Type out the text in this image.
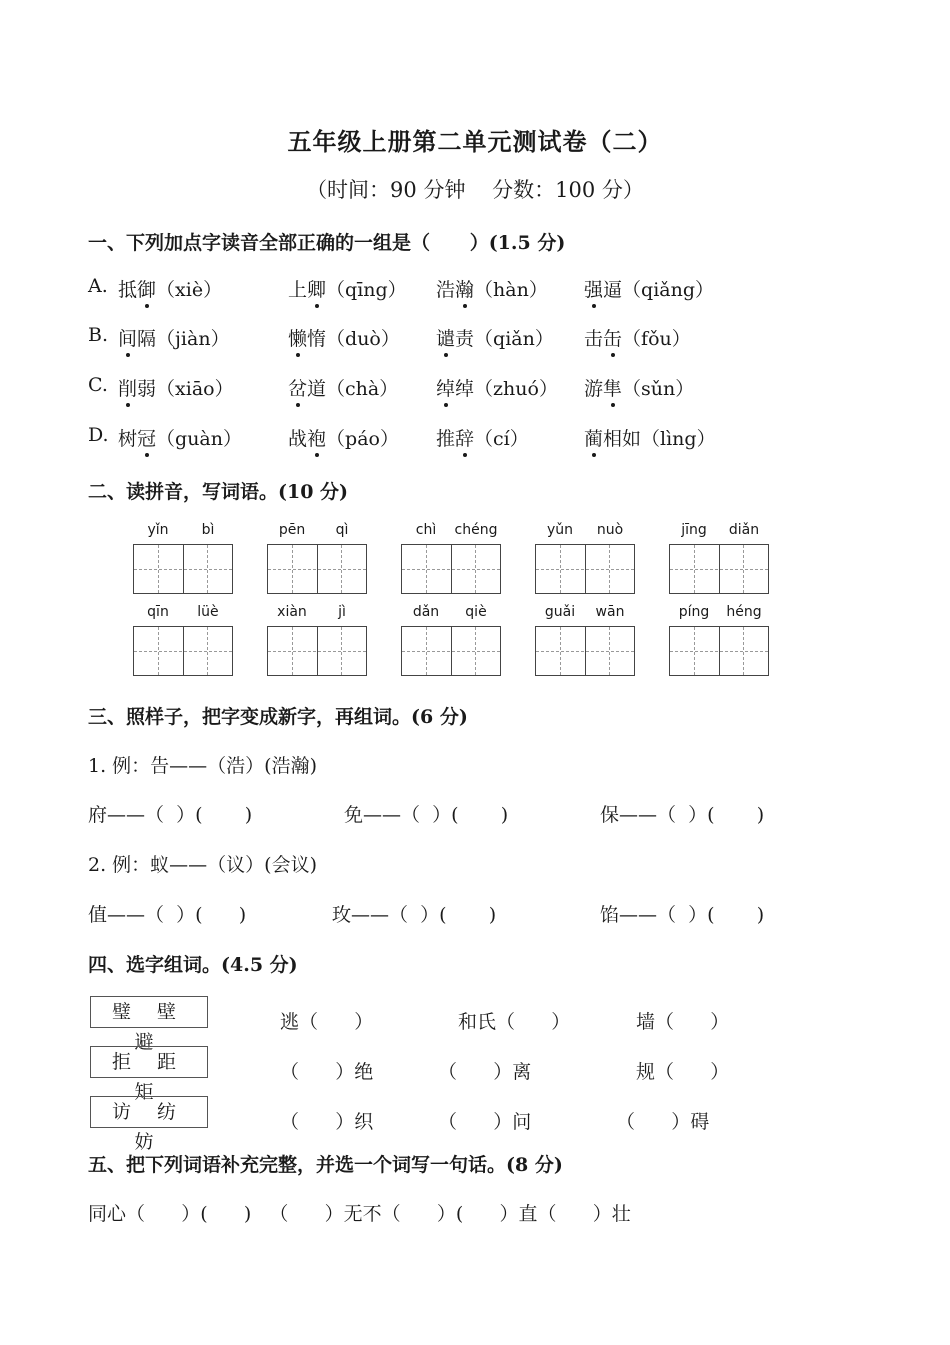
五年级上册第二单元测试卷（二）
（时间：90 分钟    分数：100 分）
一、下列加点字读音全部正确的一组是（      ）(1.5 分)
A. 抵御（xiè）	上卿（qīng） 浩瀚（hàn） 强逼（qiǎng）
B. 间隔（jiàn）	懒惰（duò） 谴责（qiǎn） 击缶（fǒu）
C. 削弱（xiāo）	岔道（chà） 绰绰（zhuó） 游隼（sǔn）
D. 树冠（guàn） 战袍（páo） 推辞（cí）	蔺相如（lìng）
二、读拼音，写词语。(10 分)
yǐn	bì	pēn	qì	chì	chéng	yǔn	nuò	jīng	diǎn
qīn	lüè	xiàn	jì	dǎn	qiè	guǎi	wān	píng	héng
三、照样子，把字变成新字，再组词。(6 分)
1. 例：告——（浩）(浩瀚)
府——（  ）(       )	免——（  ）(       )	保——（  ）(       )
2. 例：蚁——（议）(会议)
值——（  ）(      )	玫——（  ）(       )	馅——（  ）(       )
四、选字组词。(4.5 分)
璧 壁 避
逃（      ）	和氏（      ）	墙（      ）
拒 距 矩
（      ）绝	（      ）离	规（      ）
访 纺 妨
（      ）织	（      ）问	（      ）碍
五、把下列词语补充完整，并选一个词写一句话。(8 分)
同心（      ）(      )   （      ）无不（      ）(      ）直（      ）壮
